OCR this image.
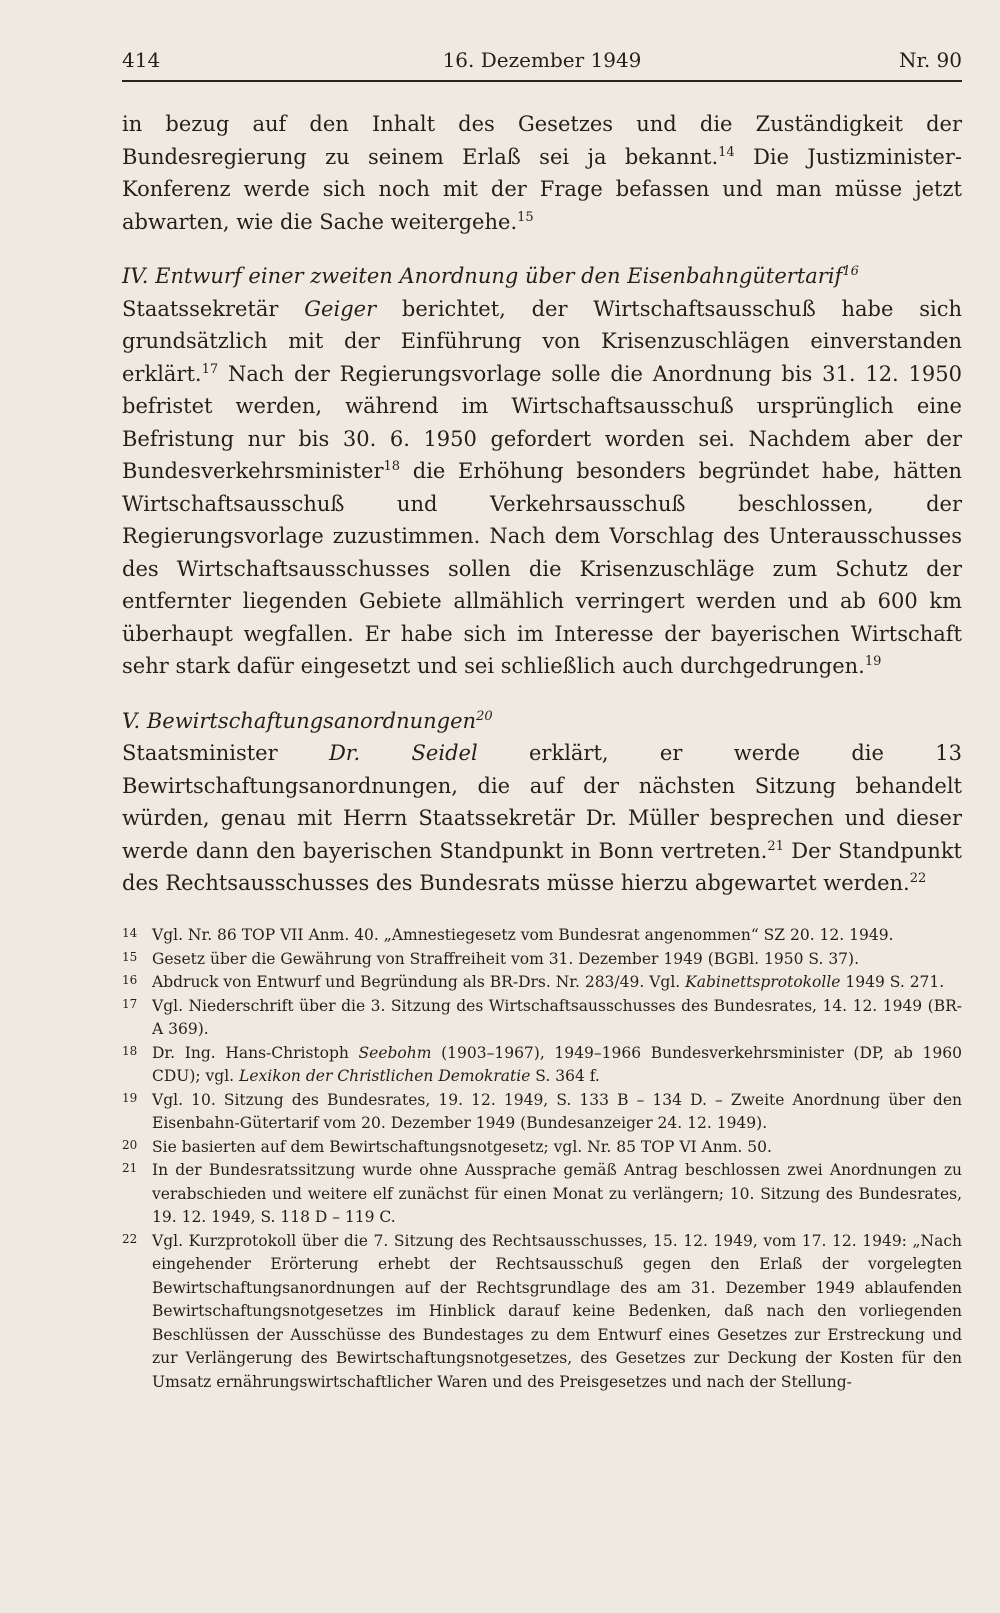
414	16. Dezember 1949	Nr. 90

in bezug auf den Inhalt des Gesetzes und die Zuständigkeit der Bundesregierung zu seinem Erlaß sei ja bekannt.$^{14}$ Die Justizminister-Konferenz werde sich noch mit der Frage befassen und man müsse jetzt abwarten, wie die Sache weitergehe.$^{15}$

IV. Entwurf einer zweiten Anordnung über den Eisenbahngütertarif$^{16}$

Staatssekretär Geiger berichtet, der Wirtschaftsausschuß habe sich grundsätzlich mit der Einführung von Krisenzuschlägen einverstanden erklärt.$^{17}$ Nach der Regierungsvorlage solle die Anordnung bis 31. 12. 1950 befristet werden, während im Wirtschaftsausschuß ursprünglich eine Befristung nur bis 30. 6. 1950 gefordert worden sei. Nachdem aber der Bundesverkehrsminister$^{18}$ die Erhöhung besonders begründet habe, hätten Wirtschaftsausschuß und Verkehrsausschuß beschlossen, der Regierungsvorlage zuzustimmen. Nach dem Vorschlag des Unterausschusses des Wirtschaftsausschusses sollen die Krisenzuschläge zum Schutz der entfernter liegenden Gebiete allmählich verringert werden und ab 600 km überhaupt wegfallen. Er habe sich im Interesse der bayerischen Wirtschaft sehr stark dafür eingesetzt und sei schließlich auch durchgedrungen.$^{19}$

V. Bewirtschaftungsanordnungen$^{20}$

Staatsminister Dr. Seidel erklärt, er werde die 13 Bewirtschaftungsanordnungen, die auf der nächsten Sitzung behandelt würden, genau mit Herrn Staatssekretär Dr. Müller besprechen und dieser werde dann den bayerischen Standpunkt in Bonn vertreten.$^{21}$ Der Standpunkt des Rechtsausschusses des Bundesrats müsse hierzu abgewartet werden.$^{22}$

14 Vgl. Nr. 86 TOP VII Anm. 40. „Amnestiegesetz vom Bundesrat angenommen“ SZ 20. 12. 1949.
15 Gesetz über die Gewährung von Straffreiheit vom 31. Dezember 1949 (BGBl. 1950 S. 37).
16 Abdruck von Entwurf und Begründung als BR-Drs. Nr. 283/49. Vgl. Kabinettsprotokolle 1949 S. 271.
17 Vgl. Niederschrift über die 3. Sitzung des Wirtschaftsausschusses des Bundesrates, 14. 12. 1949 (BR-A 369).
18 Dr. Ing. Hans-Christoph Seebohm (1903–1967), 1949–1966 Bundesverkehrsminister (DP, ab 1960 CDU); vgl. Lexikon der Christlichen Demokratie S. 364 f.
19 Vgl. 10. Sitzung des Bundesrates, 19. 12. 1949, S. 133 B – 134 D. – Zweite Anordnung über den Eisenbahn-Gütertarif vom 20. Dezember 1949 (Bundesanzeiger 24. 12. 1949).
20 Sie basierten auf dem Bewirtschaftungsnotgesetz; vgl. Nr. 85 TOP VI Anm. 50.
21 In der Bundesratssitzung wurde ohne Aussprache gemäß Antrag beschlossen zwei Anordnungen zu verabschieden und weitere elf zunächst für einen Monat zu verlängern; 10. Sitzung des Bundesrates, 19. 12. 1949, S. 118 D – 119 C.
22 Vgl. Kurzprotokoll über die 7. Sitzung des Rechtsausschusses, 15. 12. 1949, vom 17. 12. 1949: „Nach eingehender Erörterung erhebt der Rechtsausschuß gegen den Erlaß der vorgelegten Bewirtschaftungsanordnungen auf der Rechtsgrundlage des am 31. Dezember 1949 ablaufenden Bewirtschaftungsnotgesetzes im Hinblick darauf keine Bedenken, daß nach den vorliegenden Beschlüssen der Ausschüsse des Bundestages zu dem Entwurf eines Gesetzes zur Erstreckung und zur Verlängerung des Bewirtschaftungsnotgesetzes, des Gesetzes zur Deckung der Kosten für den Umsatz ernährungswirtschaftlicher Waren und des Preisgesetzes und nach der Stellung-
